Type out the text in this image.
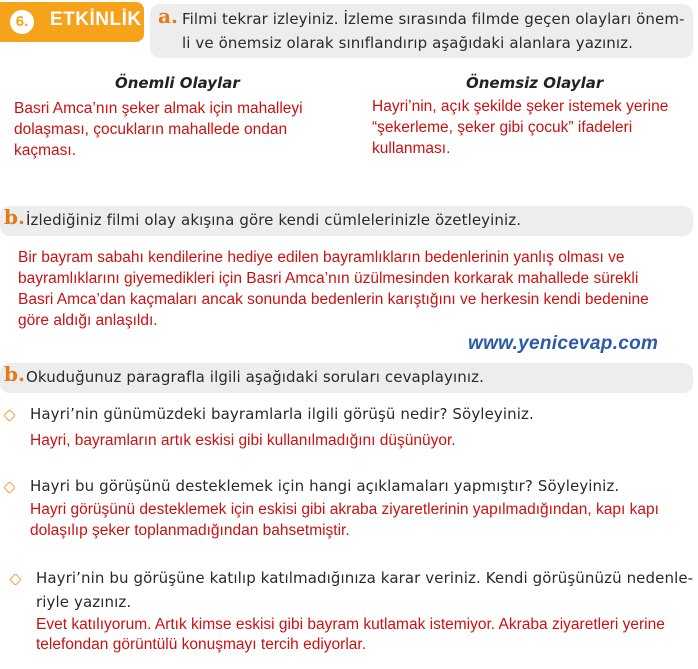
6.	ETKİNLİK a. Filmi tekrar izleyiniz. İzleme sırasında filmde geçen olayları önem-
li ve önemsiz olarak sınıflandırıp aşağıdaki alanlara yazınız.
Önemli Olaylar	Önemsiz Olaylar
Basri Amca’nın şeker almak için mahalleyi
dolaşması, çocukların mahallede ondan
kaçması.
Hayri’nin, açık şekilde şeker istemek yerine
“şekerleme, şeker gibi çocuk” ifadeleri
kullanması.
b. İzlediğiniz filmi olay akışına göre kendi cümlelerinizle özetleyiniz.
Bir bayram sabahı kendilerine hediye edilen bayramlıkların bedenlerinin yanlış olması ve
bayramlıklarını giyemedikleri için Basri Amca’nın üzülmesinden korkarak mahallede sürekli
Basri Amca’dan kaçmaları ancak sonunda bedenlerin karıştığını ve herkesin kendi bedenine
göre aldığı anlaşıldı.
www.yenicevap.com
b. Okuduğunuz paragrafla ilgili aşağıdaki soruları cevaplayınız.
Hayri’nin günümüzdeki bayramlarla ilgili görüşü nedir? Söyleyiniz.
Hayri, bayramların artık eskisi gibi kullanılmadığını düşünüyor.
Hayri bu görüşünü desteklemek için hangi açıklamaları yapmıştır? Söyleyiniz.
Hayri görüşünü desteklemek için eskisi gibi akraba ziyaretlerinin yapılmadığından, kapı kapı
dolaşılıp şeker toplanmadığından bahsetmiştir.
Hayri’nin bu görüşüne katılıp katılmadığınıza karar veriniz. Kendi görüşünüzü nedenle-
riyle yazınız.
Evet katılıyorum. Artık kimse eskisi gibi bayram kutlamak istemiyor. Akraba ziyaretleri yerine
telefondan görüntülü konuşmayı tercih ediyorlar.
